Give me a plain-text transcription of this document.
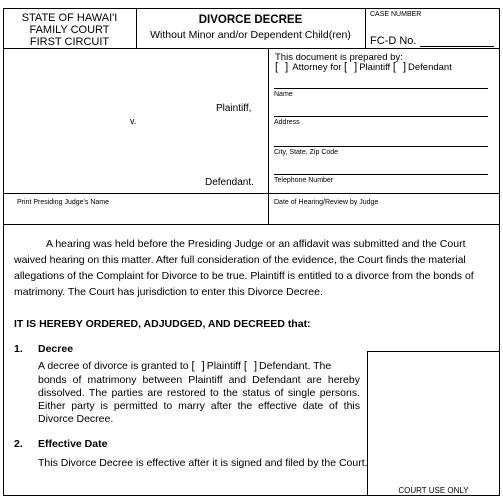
STATE OF HAWAI'I
FAMILY COURT
FIRST CIRCUIT
DIVORCE DECREE
Without Minor and/or Dependent Child(ren)
CASE NUMBER
FC-D No.
v.
Plaintiff,
Defendant.
This document is prepared by:
[ ] Attorney for [ ]Plaintiff [ ]Defendant
Name
Address
City, State, Zip Code
Telephone Number
Print Presiding Judge's Name	Date of Hearing/Review by Judge
A hearing was held before the Presiding Judge or an affidavit was submitted and the Court waived hearing on this matter. After full consideration of the evidence, the Court finds the material allegations of the Complaint for Divorce to be true. Plaintiff is entitled to a divorce from the bonds of matrimony. The Court has jurisdiction to enter this Divorce Decree.
IT IS HEREBY ORDERED, ADJUDGED, AND DECREED that:
1. Decree
A decree of divorce is granted to [ ]Plaintiff [ ]Defendant. The
bonds of matrimony between Plaintiff and Defendant are hereby dissolved. The parties are restored to the status of single persons. Either party is permitted to marry after the effective date of this Divorce Decree.
2. Effective Date
This Divorce Decree is effective after it is signed and filed by the Court.
COURT USE ONLY
